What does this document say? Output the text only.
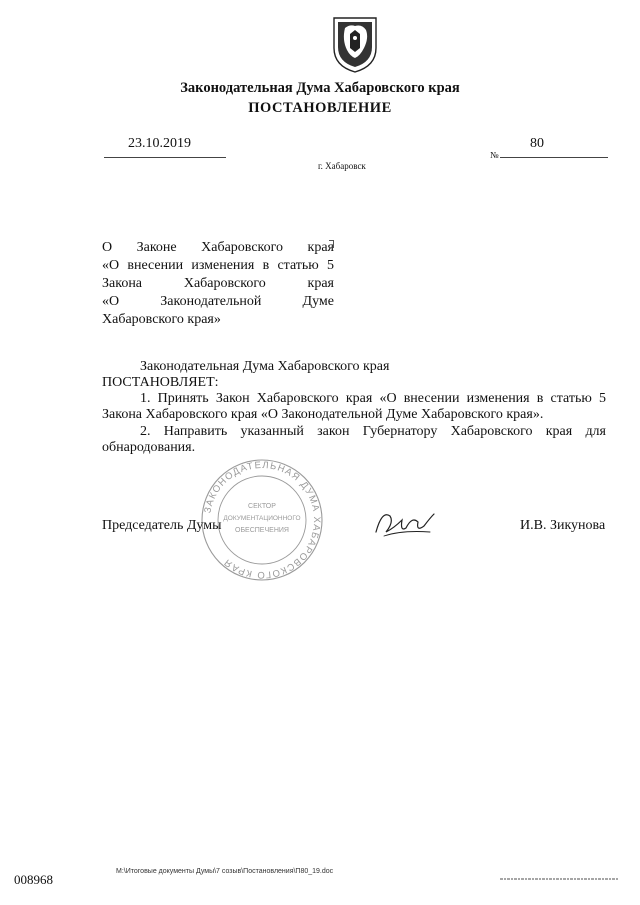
Законодательная Дума Хабаровского края
ПОСТАНОВЛЕНИЕ
23.10.2019
г. Хабаровск
№
80
О Законе Хабаровского края
«О внесении изменения в статью 5
Закона Хабаровского края
«О Законодательной Думе
Хабаровского края»
Законодательная Дума Хабаровского края
ПОСТАНОВЛЯЕТ:
1. Принять Закон Хабаровского края «О внесении изменения в статью 5
Закона Хабаровского края «О Законодательной Думе Хабаровского края».
2. Направить указанный закон Губернатору Хабаровского края для
обнародования.
ЗАКОНОДАТЕЛЬНАЯ ДУМА ХАБАРОВСКОГО КРАЯ
СЕКТОР
ДОКУМЕНТАЦИОННОГО
ОБЕСПЕЧЕНИЯ
Председатель Думы	И.В. Зикунова
008968
M:\Итоговые документы Думы\7 созыв\Постановления\П80_19.doc
